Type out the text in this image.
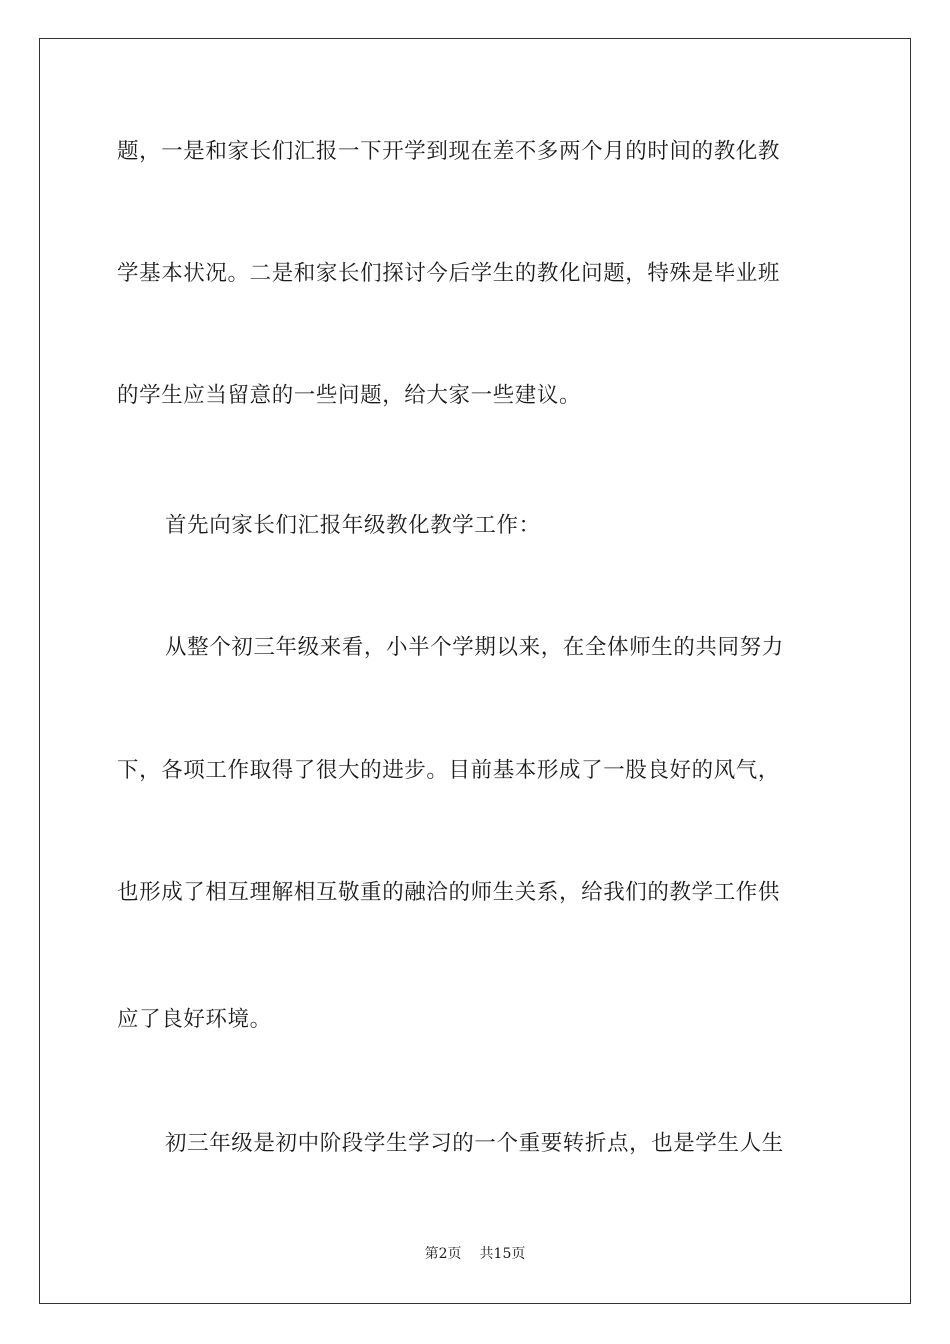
题，一是和家长们汇报一下开学到现在差不多两个月的时间的教化教
学基本状况。二是和家长们探讨今后学生的教化问题，特殊是毕业班
的学生应当留意的一些问题，给大家一些建议。
首先向家长们汇报年级教化教学工作：
从整个初三年级来看，小半个学期以来，在全体师生的共同努力
下，各项工作取得了很大的进步。目前基本形成了一股良好的风气，
也形成了相互理解相互敬重的融洽的师生关系，给我们的教学工作供
应了良好环境。
初三年级是初中阶段学生学习的一个重要转折点，也是学生人生
第2页 共15页
